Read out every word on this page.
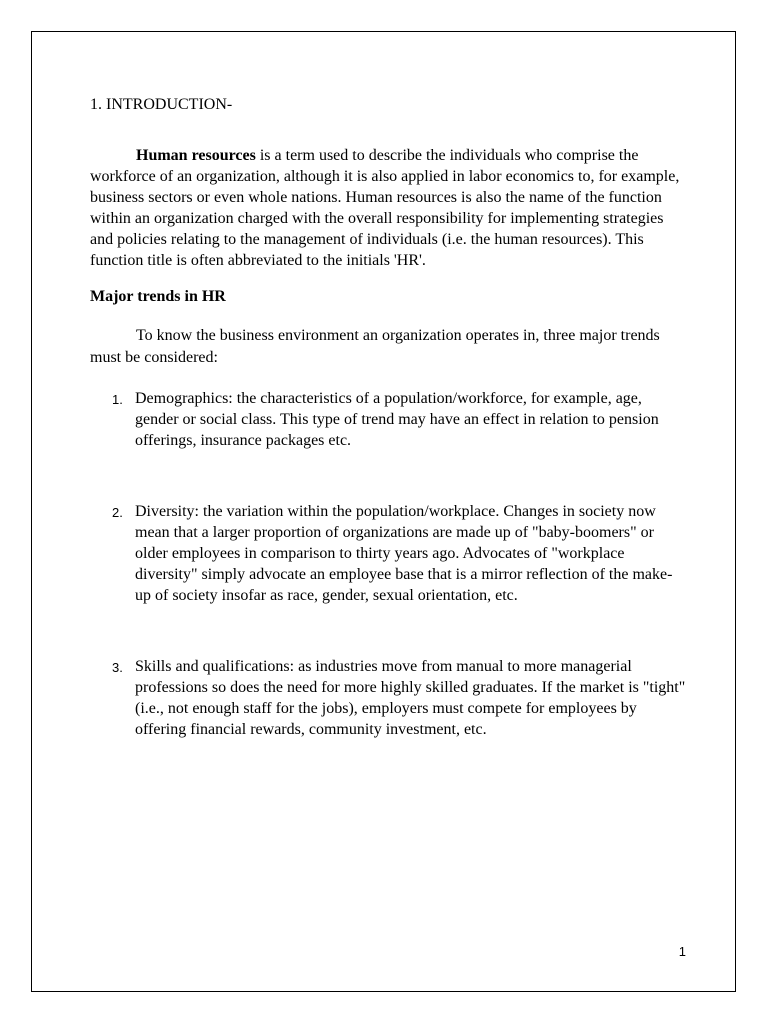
1. INTRODUCTION-

Human resources is a term used to describe the individuals who comprise the workforce of an organization, although it is also applied in labor economics to, for example, business sectors or even whole nations. Human resources is also the name of the function within an organization charged with the overall responsibility for implementing strategies and policies relating to the management of individuals (i.e. the human resources). This function title is often abbreviated to the initials 'HR'.

Major trends in HR

To know the business environment an organization operates in, three major trends must be considered:

1. Demographics: the characteristics of a population/workforce, for example, age, gender or social class. This type of trend may have an effect in relation to pension offerings, insurance packages etc.
2. Diversity: the variation within the population/workplace. Changes in society now mean that a larger proportion of organizations are made up of "baby-boomers" or older employees in comparison to thirty years ago. Advocates of "workplace diversity" simply advocate an employee base that is a mirror reflection of the make-up of society insofar as race, gender, sexual orientation, etc.
3. Skills and qualifications: as industries move from manual to more managerial professions so does the need for more highly skilled graduates. If the market is "tight" (i.e., not enough staff for the jobs), employers must compete for employees by offering financial rewards, community investment, etc.
1
